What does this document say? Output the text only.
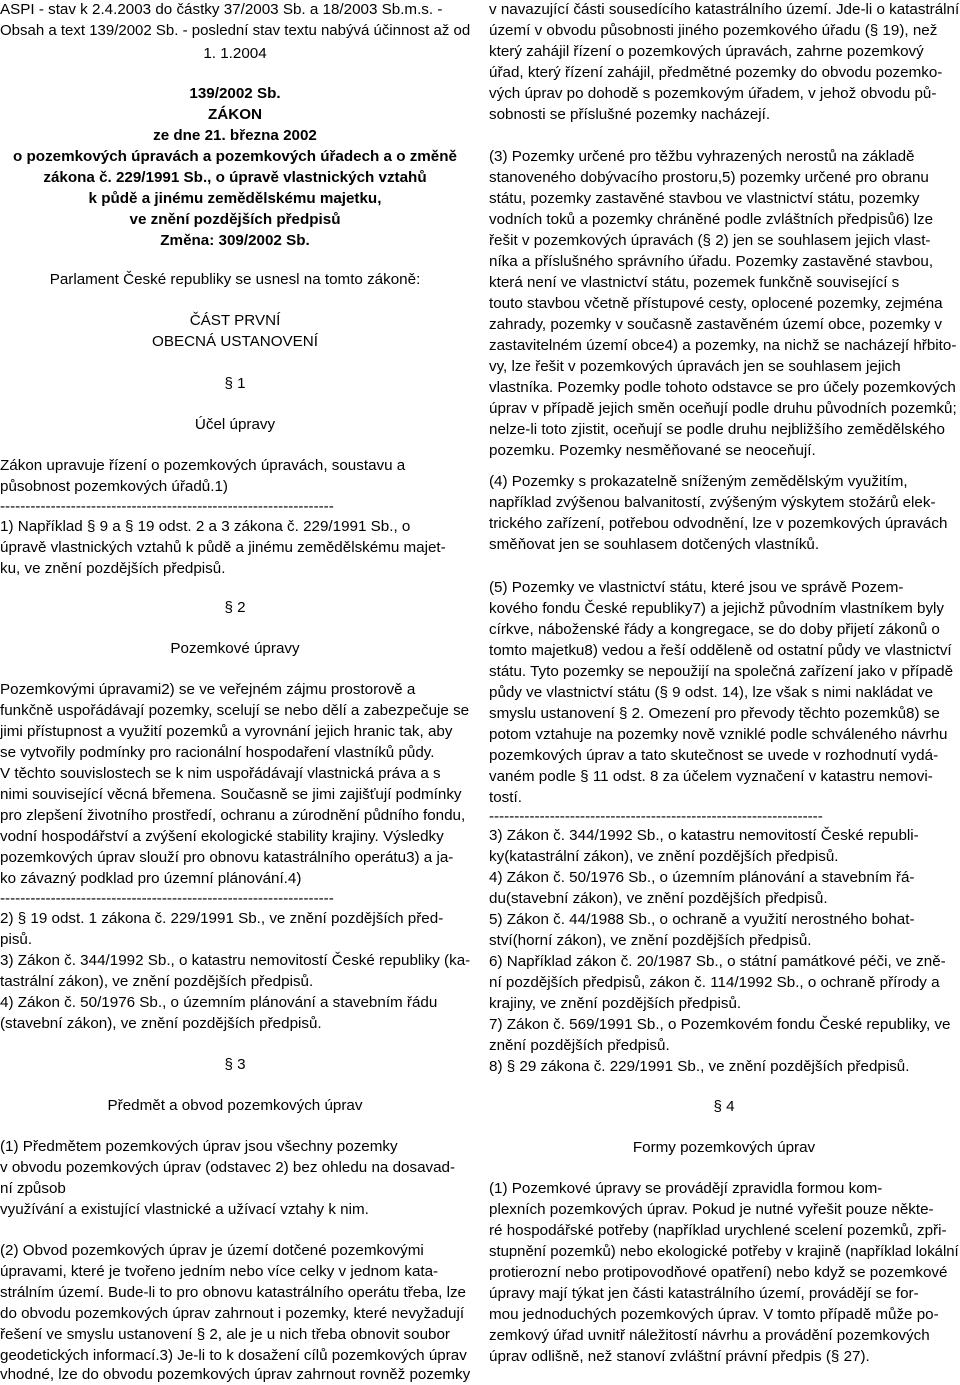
ASPI - stav k 2.4.2003 do částky 37/2003 Sb. a 18/2003 Sb.m.s. -
Obsah a text 139/2002 Sb. - poslední stav textu nabývá účinnost až od
1. 1.2004
139/2002 Sb.
ZÁKON
ze dne 21. března 2002
o pozemkových úpravách a pozemkových úřadech a o změně
zákona č. 229/1991 Sb., o úpravě vlastnických vztahů
k půdě a jinému zemědělskému majetku,
ve znění pozdějších předpisů
Změna: 309/2002 Sb.
Parlament České republiky se usnesl na tomto zákoně:
ČÁST PRVNÍ
OBECNÁ USTANOVENÍ
§ 1
Účel úpravy
Zákon upravuje řízení o pozemkových úpravách, soustavu a
působnost pozemkových úřadů.1)
------------------------------------------------------------------
1) Například § 9 a § 19 odst. 2 a 3 zákona č. 229/1991 Sb., o
úpravě vlastnických vztahů k půdě a jinému zemědělskému majet-
ku, ve znění pozdějších předpisů.
§ 2
Pozemkové úpravy
Pozemkovými úpravami2) se ve veřejném zájmu prostorově a
funkčně uspořádávají pozemky, scelují se nebo dělí a zabezpečuje se
jimi přístupnost a využití pozemků a vyrovnání jejich hranic tak, aby
se vytvořily podmínky pro racionální hospodaření vlastníků půdy.
V těchto souvislostech se k nim uspořádávají vlastnická práva a s
nimi související věcná břemena. Současně se jimi zajišťují podmínky
pro zlepšení životního prostředí, ochranu a zúrodnění půdního fondu,
vodní hospodářství a zvýšení ekologické stability krajiny. Výsledky
pozemkových úprav slouží pro obnovu katastrálního operátu3) a ja-
ko závazný podklad pro územní plánování.4)
------------------------------------------------------------------
2) § 19 odst. 1 zákona č. 229/1991 Sb., ve znění pozdějších před-
pisů.
3) Zákon č. 344/1992 Sb., o katastru nemovitostí České republiky (ka-
tastrální zákon), ve znění pozdějších předpisů.
4) Zákon č. 50/1976 Sb., o územním plánování a stavebním řádu
(stavební zákon), ve znění pozdějších předpisů.
§ 3
Předmět a obvod pozemkových úprav
(1) Předmětem pozemkových úprav jsou všechny pozemky
v obvodu pozemkových úprav (odstavec 2) bez ohledu na dosavad-
ní způsob
využívání a existující vlastnické a užívací vztahy k nim.
(2) Obvod pozemkových úprav je území dotčené pozemkovými
úpravami, které je tvořeno jedním nebo více celky v jednom kata-
strálním území. Bude-li to pro obnovu katastrálního operátu třeba, lze
do obvodu pozemkových úprav zahrnout i pozemky, které nevyžadují
řešení ve smyslu ustanovení § 2, ale je u nich třeba obnovit soubor
geodetických informací.3) Je-li to k dosažení cílů pozemkových úprav
vhodné, lze do obvodu pozemkových úprav zahrnout rovněž pozemky
v navazující části sousedícího katastrálního území. Jde-li o katastrální
území v obvodu působnosti jiného pozemkového úřadu (§ 19), než
který zahájil řízení o pozemkových úpravách, zahrne pozemkový
úřad, který řízení zahájil, předmětné pozemky do obvodu pozemko-
vých úprav po dohodě s pozemkovým úřadem, v jehož obvodu pů-
sobnosti se příslušné pozemky nacházejí.
(3) Pozemky určené pro těžbu vyhrazených nerostů na základě
stanoveného dobývacího prostoru,5) pozemky určené pro obranu
státu, pozemky zastavěné stavbou ve vlastnictví státu, pozemky
vodních toků a pozemky chráněné podle zvláštních předpisů6) lze
řešit v pozemkových úpravách (§ 2) jen se souhlasem jejich vlast-
níka a příslušného správního úřadu. Pozemky zastavěné stavbou,
která není ve vlastnictví státu, pozemek funkčně související s
touto stavbou včetně přístupové cesty, oplocené pozemky, zejména
zahrady, pozemky v současně zastavěném území obce, pozemky v
zastavitelném území obce4) a pozemky, na nichž se nacházejí hřbito-
vy, lze řešit v pozemkových úpravách jen se souhlasem jejich
vlastníka. Pozemky podle tohoto odstavce se pro účely pozemkových
úprav v případě jejich směn oceňují podle druhu původních pozemků;
nelze-li toto zjistit, oceňují se podle druhu nejbližšího zemědělského
pozemku. Pozemky nesměňované se neoceňují.
(4) Pozemky s prokazatelně sníženým zemědělským využitím,
například zvýšenou balvanitostí, zvýšeným výskytem stožárů elek-
trického zařízení, potřebou odvodnění, lze v pozemkových úpravách
směňovat jen se souhlasem dotčených vlastníků.
(5) Pozemky ve vlastnictví státu, které jsou ve správě Pozem-
kového fondu České republiky7) a jejichž původním vlastníkem byly
církve, náboženské řády a kongregace, se do doby přijetí zákonů o
tomto majetku8) vedou a řeší odděleně od ostatní půdy ve vlastnictví
státu. Tyto pozemky se nepoužijí na společná zařízení jako v případě
půdy ve vlastnictví státu (§ 9 odst. 14), lze však s nimi nakládat ve
smyslu ustanovení § 2. Omezení pro převody těchto pozemků8) se
potom vztahuje na pozemky nově vzniklé podle schváleného návrhu
pozemkových úprav a tato skutečnost se uvede v rozhodnutí vydá-
vaném podle § 11 odst. 8 za účelem vyznačení v katastru nemovi-
tostí.
------------------------------------------------------------------
3) Zákon č. 344/1992 Sb., o katastru nemovitostí České republi-
ky(katastrální zákon), ve znění pozdějších předpisů.
4) Zákon č. 50/1976 Sb., o územním plánování a stavebním řá-
du(stavební zákon), ve znění pozdějších předpisů.
5) Zákon č. 44/1988 Sb., o ochraně a využití nerostného bohat-
ství(horní zákon), ve znění pozdějších předpisů.
6) Například zákon č. 20/1987 Sb., o státní památkové péči, ve zně-
ní pozdějších předpisů, zákon č. 114/1992 Sb., o ochraně přírody a
krajiny, ve znění pozdějších předpisů.
7) Zákon č. 569/1991 Sb., o Pozemkovém fondu České republiky, ve
znění pozdějších předpisů.
8) § 29 zákona č. 229/1991 Sb., ve znění pozdějších předpisů.
§ 4
Formy pozemkových úprav
(1) Pozemkové úpravy se provádějí zpravidla formou kom-
plexních pozemkových úprav. Pokud je nutné vyřešit pouze někte-
ré hospodářské potřeby (například urychlené scelení pozemků, zpři-
stupnění pozemků) nebo ekologické potřeby v krajině (například lokální
protierozní nebo protipovodňové opatření) nebo když se pozemkové
úpravy mají týkat jen části katastrálního území, provádějí se for-
mou jednoduchých pozemkových úprav. V tomto případě může po-
zemkový úřad uvnitř náležitostí návrhu a provádění pozemkových
úprav odlišně, než stanoví zvláštní právní předpis (§ 27).
